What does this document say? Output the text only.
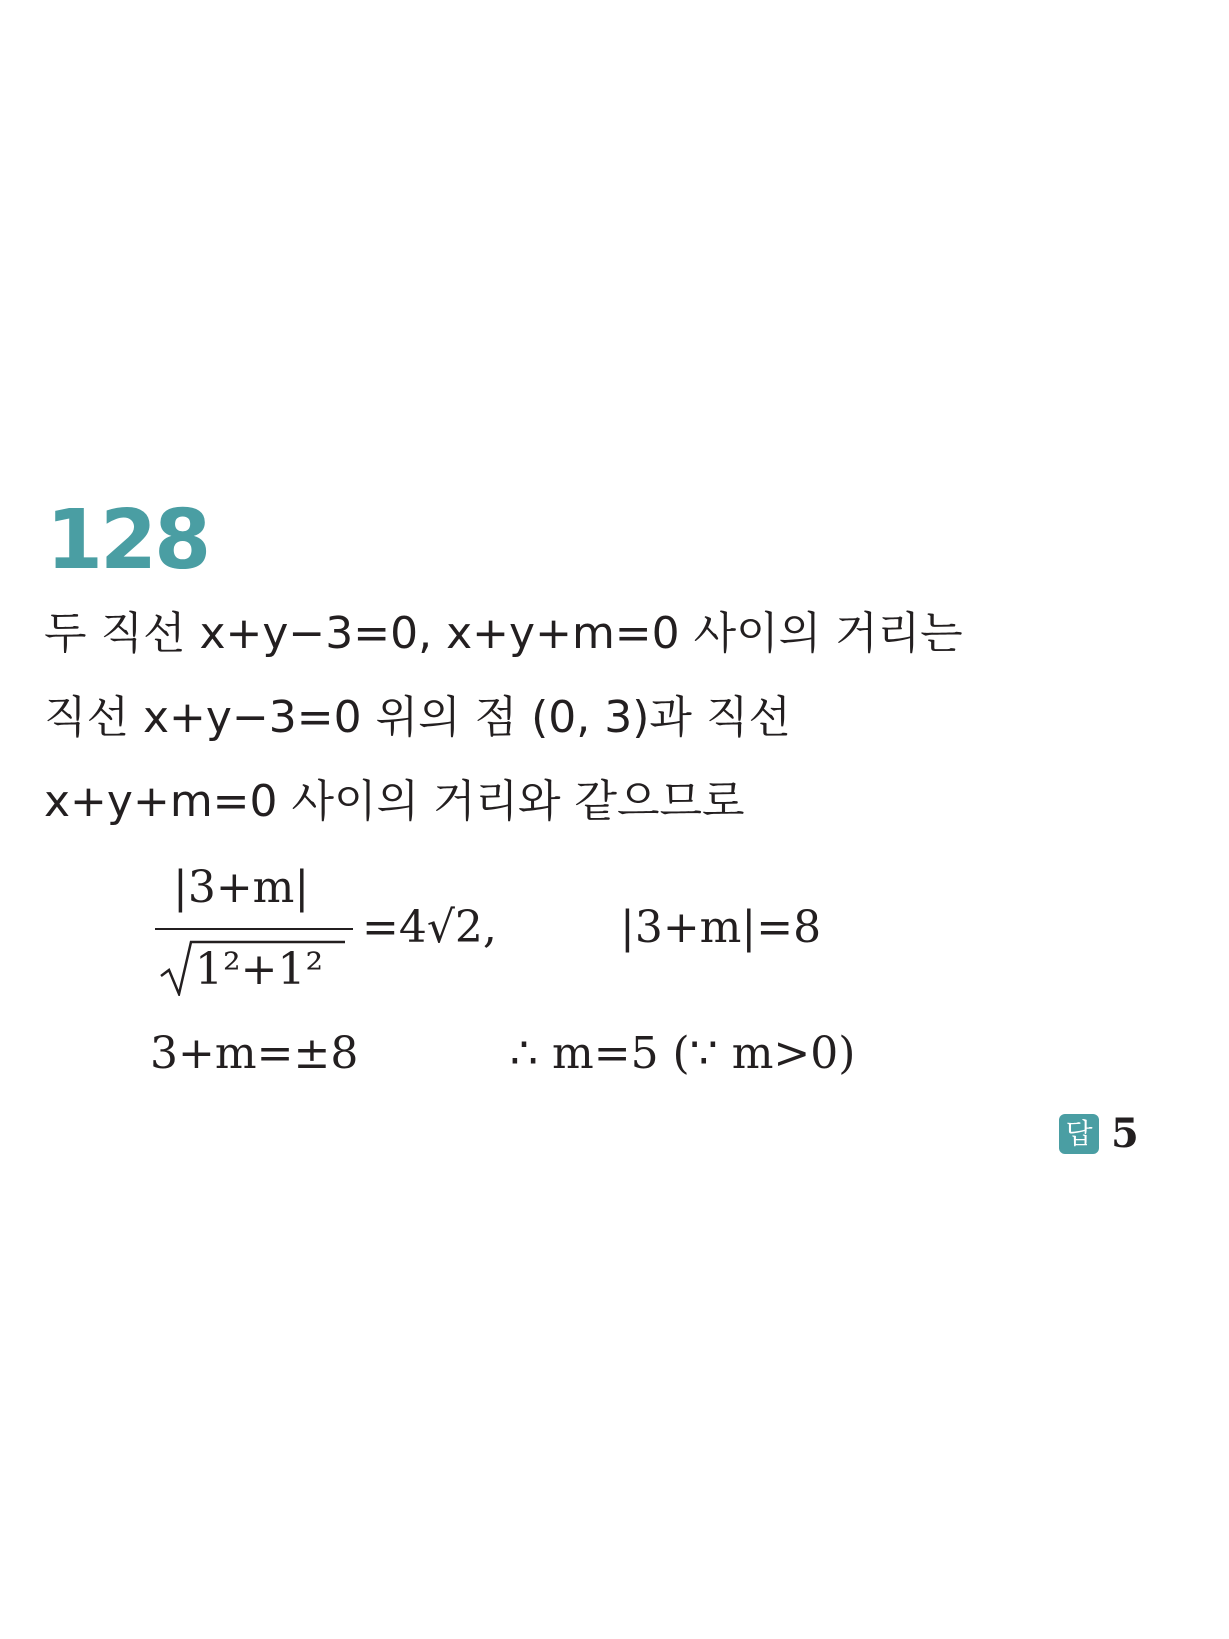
128
두 직선 x+y−3=0, x+y+m=0 사이의 거리는
직선 x+y−3=0 위의 점 (0, 3)과 직선
x+y+m=0 사이의 거리와 같으므로
|3+m|
1²+1²
=4√2,	|3+m|=8
3+m=±8	∴ m=5 (∵ m>0)
답 5
